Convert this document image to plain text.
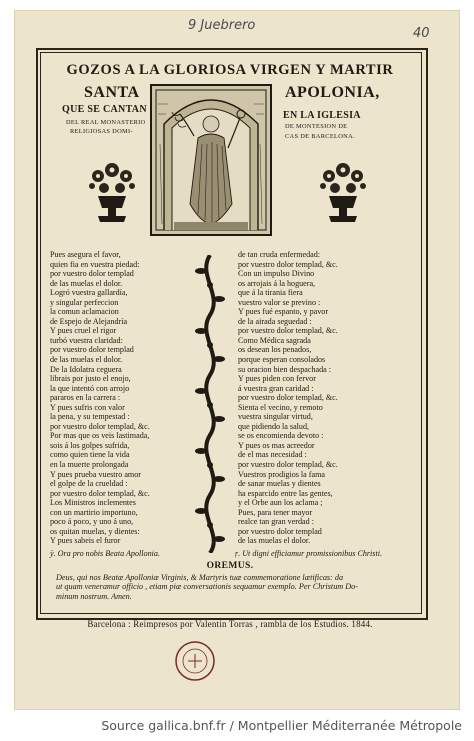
9 Juebrero
40
GOZOS A LA GLORIOSA VIRGEN Y MARTIR
SANTA	APOLONIA,
QUE SE CANTAN
DEL REAL MONASTERIO
RELIGIOSAS DOMI-
EN LA IGLESIA
DE MONTESION DE
CAS DE BARCELONA.
Pues asegura el favor,
quien fia en vuestra piedad:
por vuestro dolor templad
de las muelas el dolor.
Logró vuestra gallardía,
y singular perfeccion
la comun aclamacion
de Espejo de Alejandría
Y pues cruel el rigor
turbó vuestra claridad:
por vuestro dolor templad
de las muelas el dolor.
De la Idolatra ceguera
librais por justo el enojo,
la que intentó con arrojo
pararos en la carrera :
Y pues sufris con valor
la pena, y su tempestad :
por vuestro dolor templad, &c.
Por mas que os veis lastimada,
sois á los golpes sufrida,
como quien tiene la vida
en la muerte prolongada
Y pues prueba vuestro amor
el golpe de la crueldad :
por vuestro dolor templad, &c.
Los Ministros inclementes
con un martirio importuno,
poco á poco, y uno á uno,
os quitan muelas, y dientes:
Y pues sabeis el furor
de tan cruda enfermedad:
por vuestro dolor templad, &c.
Con un impulso Divino
os arrojais á la hoguera,
que á la tirania fiera
vuestro valor se previno :
Y pues fué espanto, y pavor
de la airada seguedad :
por vuestro dolor templad, &c.
Como Médica sagrada
os desean los penados,
porque esperan consolados
su oracion bien despachada :
Y pues piden con fervor
á vuestra gran caridad :
por vuestro dolor templad, &c.
Sienta el vecino, y remoto
vuestra singular virtud,
que pidiendo la salud,
se os encomienda devoto :
Y pues os mas acreedor
de el mas necesidad :
por vuestro dolor templad, &c.
Vuestros prodigios la fama
de sanar muelas y dientes
ha esparcido entre las gentes,
y el Orbe aun los aclama ;
Pues, para tener mayor
realce tan gran verdad :
por vuestro dolor templad
de las muelas el dolor.
ỳ. Ora pro nobis Beata Apollonia.	ṛ. Ut digni efficiamur promissionibus Christi.
OREMUS.
Deus, qui nos Beatæ Apolloniæ Virginis, & Martyris tuæ commemoratione lætificas: da
ut quam veneramur officio , etiam piæ conversationis sequamur exemplo. Per Christum Do-
minum nostrum. Amen.
Barcelona : Reimpresos por Valentin Torras , rambla de los Estudios. 1844.
Source gallica.bnf.fr / Montpellier Méditerranée Métropole
